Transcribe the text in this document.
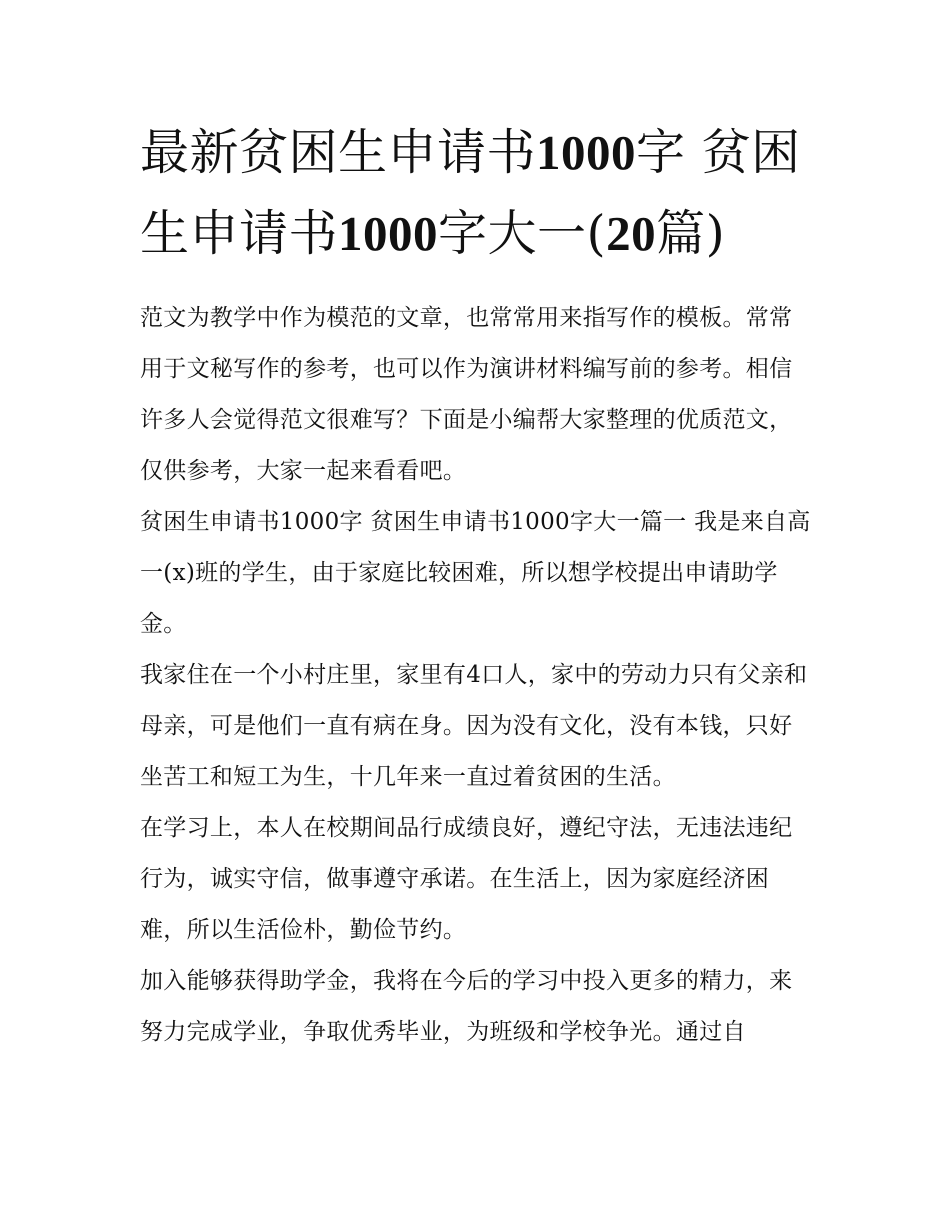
最新贫困生申请书1000字 贫困生申请书1000字大一(20篇)

范文为教学中作为模范的文章，也常常用来指写作的模板。常常用于文秘写作的参考，也可以作为演讲材料编写前的参考。相信许多人会觉得范文很难写？下面是小编帮大家整理的优质范文，仅供参考，大家一起来看看吧。

贫困生申请书1000字 贫困生申请书1000字大一篇一 我是来自高一(x)班的学生，由于家庭比较困难，所以想学校提出申请助学金。

我家住在一个小村庄里，家里有4口人，家中的劳动力只有父亲和母亲，可是他们一直有病在身。因为没有文化，没有本钱，只好坐苦工和短工为生，十几年来一直过着贫困的生活。

在学习上，本人在校期间品行成绩良好，遵纪守法，无违法违纪行为，诚实守信，做事遵守承诺。在生活上，因为家庭经济困难，所以生活俭朴，勤俭节约。

加入能够获得助学金，我将在今后的学习中投入更多的精力，来努力完成学业，争取优秀毕业，为班级和学校争光。通过自
